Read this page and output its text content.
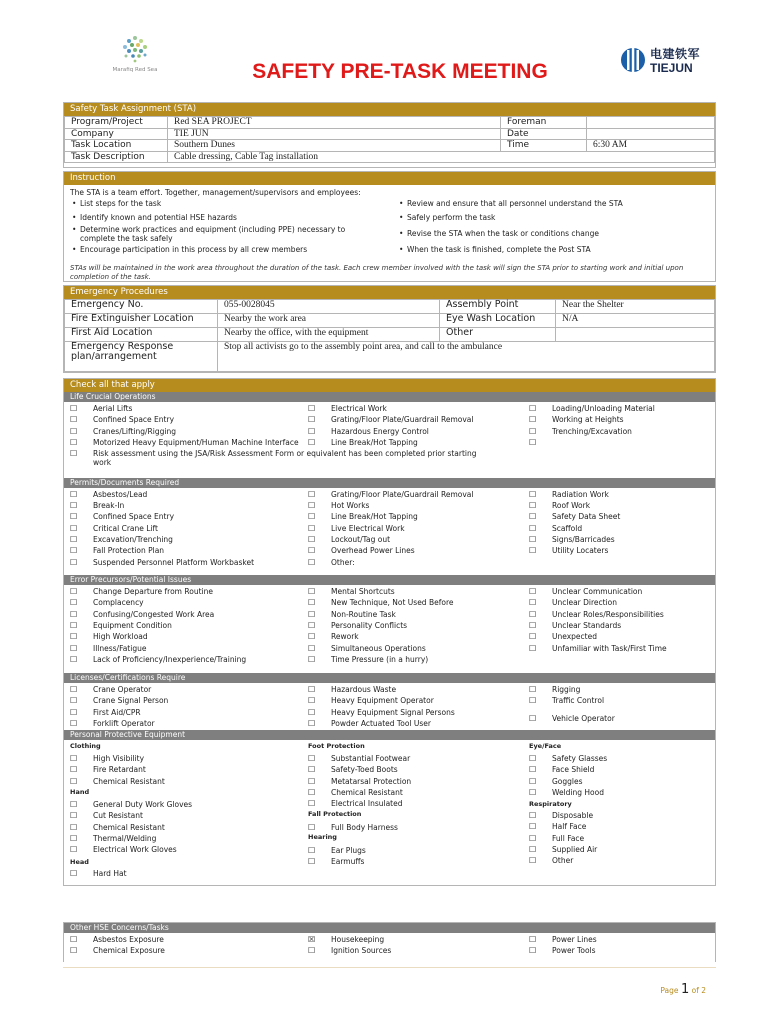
Marafiq Red Sea	SAFETY PRE-TASK MEETING
电建铁军
TIEJUN
Safety Task Assignment (STA)
Program/Project	Red SEA PROJECT	Foreman	
Company	TIE JUN	Date	
Task Location	Southern Dunes	Time	6:30 AM
Task Description	Cable dressing, Cable Tag installation		
Instruction
The STA is a team effort. Together, management/supervisors and employees:
• List steps for the task
• Identify known and potential HSE hazards
• Determine work practices and equipment (including PPE) necessary to complete the task safely
• Encourage participation in this process by all crew members
• Review and ensure that all personnel understand the STA
• Safely perform the task
• Revise the STA when the task or conditions change
• When the task is finished, complete the Post STA
STAs will be maintained in the work area throughout the duration of the task. Each crew member involved with the task will sign the STA prior to starting work and initial upon completion of the task.
Emergency Procedures
Emergency No.	055-0028045	Assembly Point	Near the Shelter
Fire Extinguisher Location	Nearby the work area	Eye Wash Location	N/A
First Aid Location	Nearby the office, with the equipment	Other	
Emergency Response plan/arrangement	Stop all activists go to the assembly point area, and call to the ambulance		
Check all that apply
Life Crucial Operations
☐ Aerial Lifts
☐ Confined Space Entry
☐ Cranes/Lifting/Rigging
☐ Motorized Heavy Equipment/Human Machine Interface
☐ Electrical Work
☐ Grating/Floor Plate/Guardrail Removal
☐ Hazardous Energy Control
☐ Line Break/Hot Tapping
☐ Loading/Unloading Material
☐ Working at Heights
☐ Trenching/Excavation
☐
☐ Risk assessment using the JSA/Risk Assessment Form or equivalent has been completed prior starting work
Permits/Documents Required
☐ Asbestos/Lead
☐ Break-In
☐ Confined Space Entry
☐ Critical Crane Lift
☐ Excavation/Trenching
☐ Fall Protection Plan
☐ Suspended Personnel Platform Workbasket
☐ Grating/Floor Plate/Guardrail Removal
☐ Hot Works
☐ Line Break/Hot Tapping
☐ Live Electrical Work
☐ Lockout/Tag out
☐ Overhead Power Lines
☐ Other:
☐ Radiation Work
☐ Roof Work
☐ Safety Data Sheet
☐ Scaffold
☐ Signs/Barricades
☐ Utility Locaters
Error Precursors/Potential Issues
☐ Change Departure from Routine
☐ Complacency
☐ Confusing/Congested Work Area
☐ Equipment Condition
☐ High Workload
☐ Illness/Fatigue
☐ Lack of Proficiency/Inexperience/Training
☐ Mental Shortcuts
☐ New Technique, Not Used Before
☐ Non-Routine Task
☐ Personality Conflicts
☐ Rework
☐ Simultaneous Operations
☐ Time Pressure (in a hurry)
☐ Unclear Communication
☐ Unclear Direction
☐ Unclear Roles/Responsibilities
☐ Unclear Standards
☐ Unexpected
☐ Unfamiliar with Task/First Time
Licenses/Certifications Require
☐ Crane Operator
☐ Crane Signal Person
☐ First Aid/CPR
☐ Forklift Operator
☐ Hazardous Waste
☐ Heavy Equipment Operator
☐ Heavy Equipment Signal Persons
☐ Powder Actuated Tool User
☐ Rigging
☐ Traffic Control
☐ Vehicle Operator
Personal Protective Equipment
Clothing
☐ High Visibility
☐ Fire Retardant
☐ Chemical Resistant
Hand
☐ General Duty Work Gloves
☐ Cut Resistant
☐ Chemical Resistant
☐ Thermal/Welding
☐ Electrical Work Gloves
Head
☐ Hard Hat
Foot Protection
☐ Substantial Footwear
☐ Safety-Toed Boots
☐ Metatarsal Protection
☐ Chemical Resistant
☐ Electrical Insulated
Fall Protection
☐ Full Body Harness
Hearing
☐ Ear Plugs
☐ Earmuffs
Eye/Face
☐ Safety Glasses
☐ Face Shield
☐ Goggles
☐ Welding Hood
Respiratory
☐ Disposable
☐ Half Face
☐ Full Face
☐ Supplied Air
☐ Other
Other HSE Concerns/Tasks
☐ Asbestos Exposure
☐ Chemical Exposure
☒ Housekeeping
☐ Ignition Sources
☐ Power Lines
☐ Power Tools
Page 1 of 2
